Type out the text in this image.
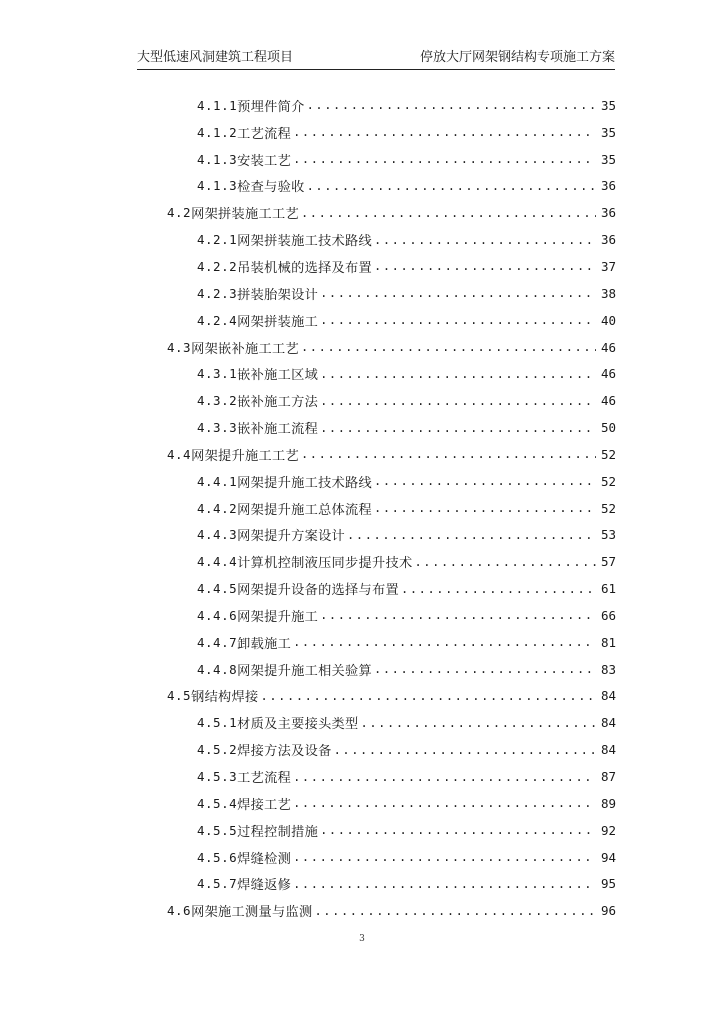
大型低速风洞建筑工程项目	停放大厅网架钢结构专项施工方案
4.1.1 预埋件简介 .....	35
4.1.2 工艺流程 .....	35
4.1.3 安装工艺 .....	35
4.1.3 检查与验收 .....	36
4.2 网架拼装施工工艺 .....	36
4.2.1 网架拼装施工技术路线 .....	36
4.2.2 吊装机械的选择及布置 .....	37
4.2.3 拼装胎架设计 .....	38
4.2.4 网架拼装施工 .....	40
4.3 网架嵌补施工工艺 .....	46
4.3.1 嵌补施工区域 .....	46
4.3.2 嵌补施工方法 .....	46
4.3.3 嵌补施工流程 .....	50
4.4 网架提升施工工艺 .....	52
4.4.1 网架提升施工技术路线 .....	52
4.4.2 网架提升施工总体流程 .....	52
4.4.3 网架提升方案设计 .....	53
4.4.4 计算机控制液压同步提升技术 .....	57
4.4.5 网架提升设备的选择与布置 .....	61
4.4.6 网架提升施工 .....	66
4.4.7 卸载施工 .....	81
4.4.8 网架提升施工相关验算 .....	83
4.5 钢结构焊接 .....	84
4.5.1 材质及主要接头类型 .....	84
4.5.2 焊接方法及设备 .....	84
4.5.3 工艺流程 .....	87
4.5.4 焊接工艺 .....	89
4.5.5 过程控制措施 .....	92
4.5.6 焊缝检测 .....	94
4.5.7 焊缝返修 .....	95
4.6 网架施工测量与监测 .....	96
3
